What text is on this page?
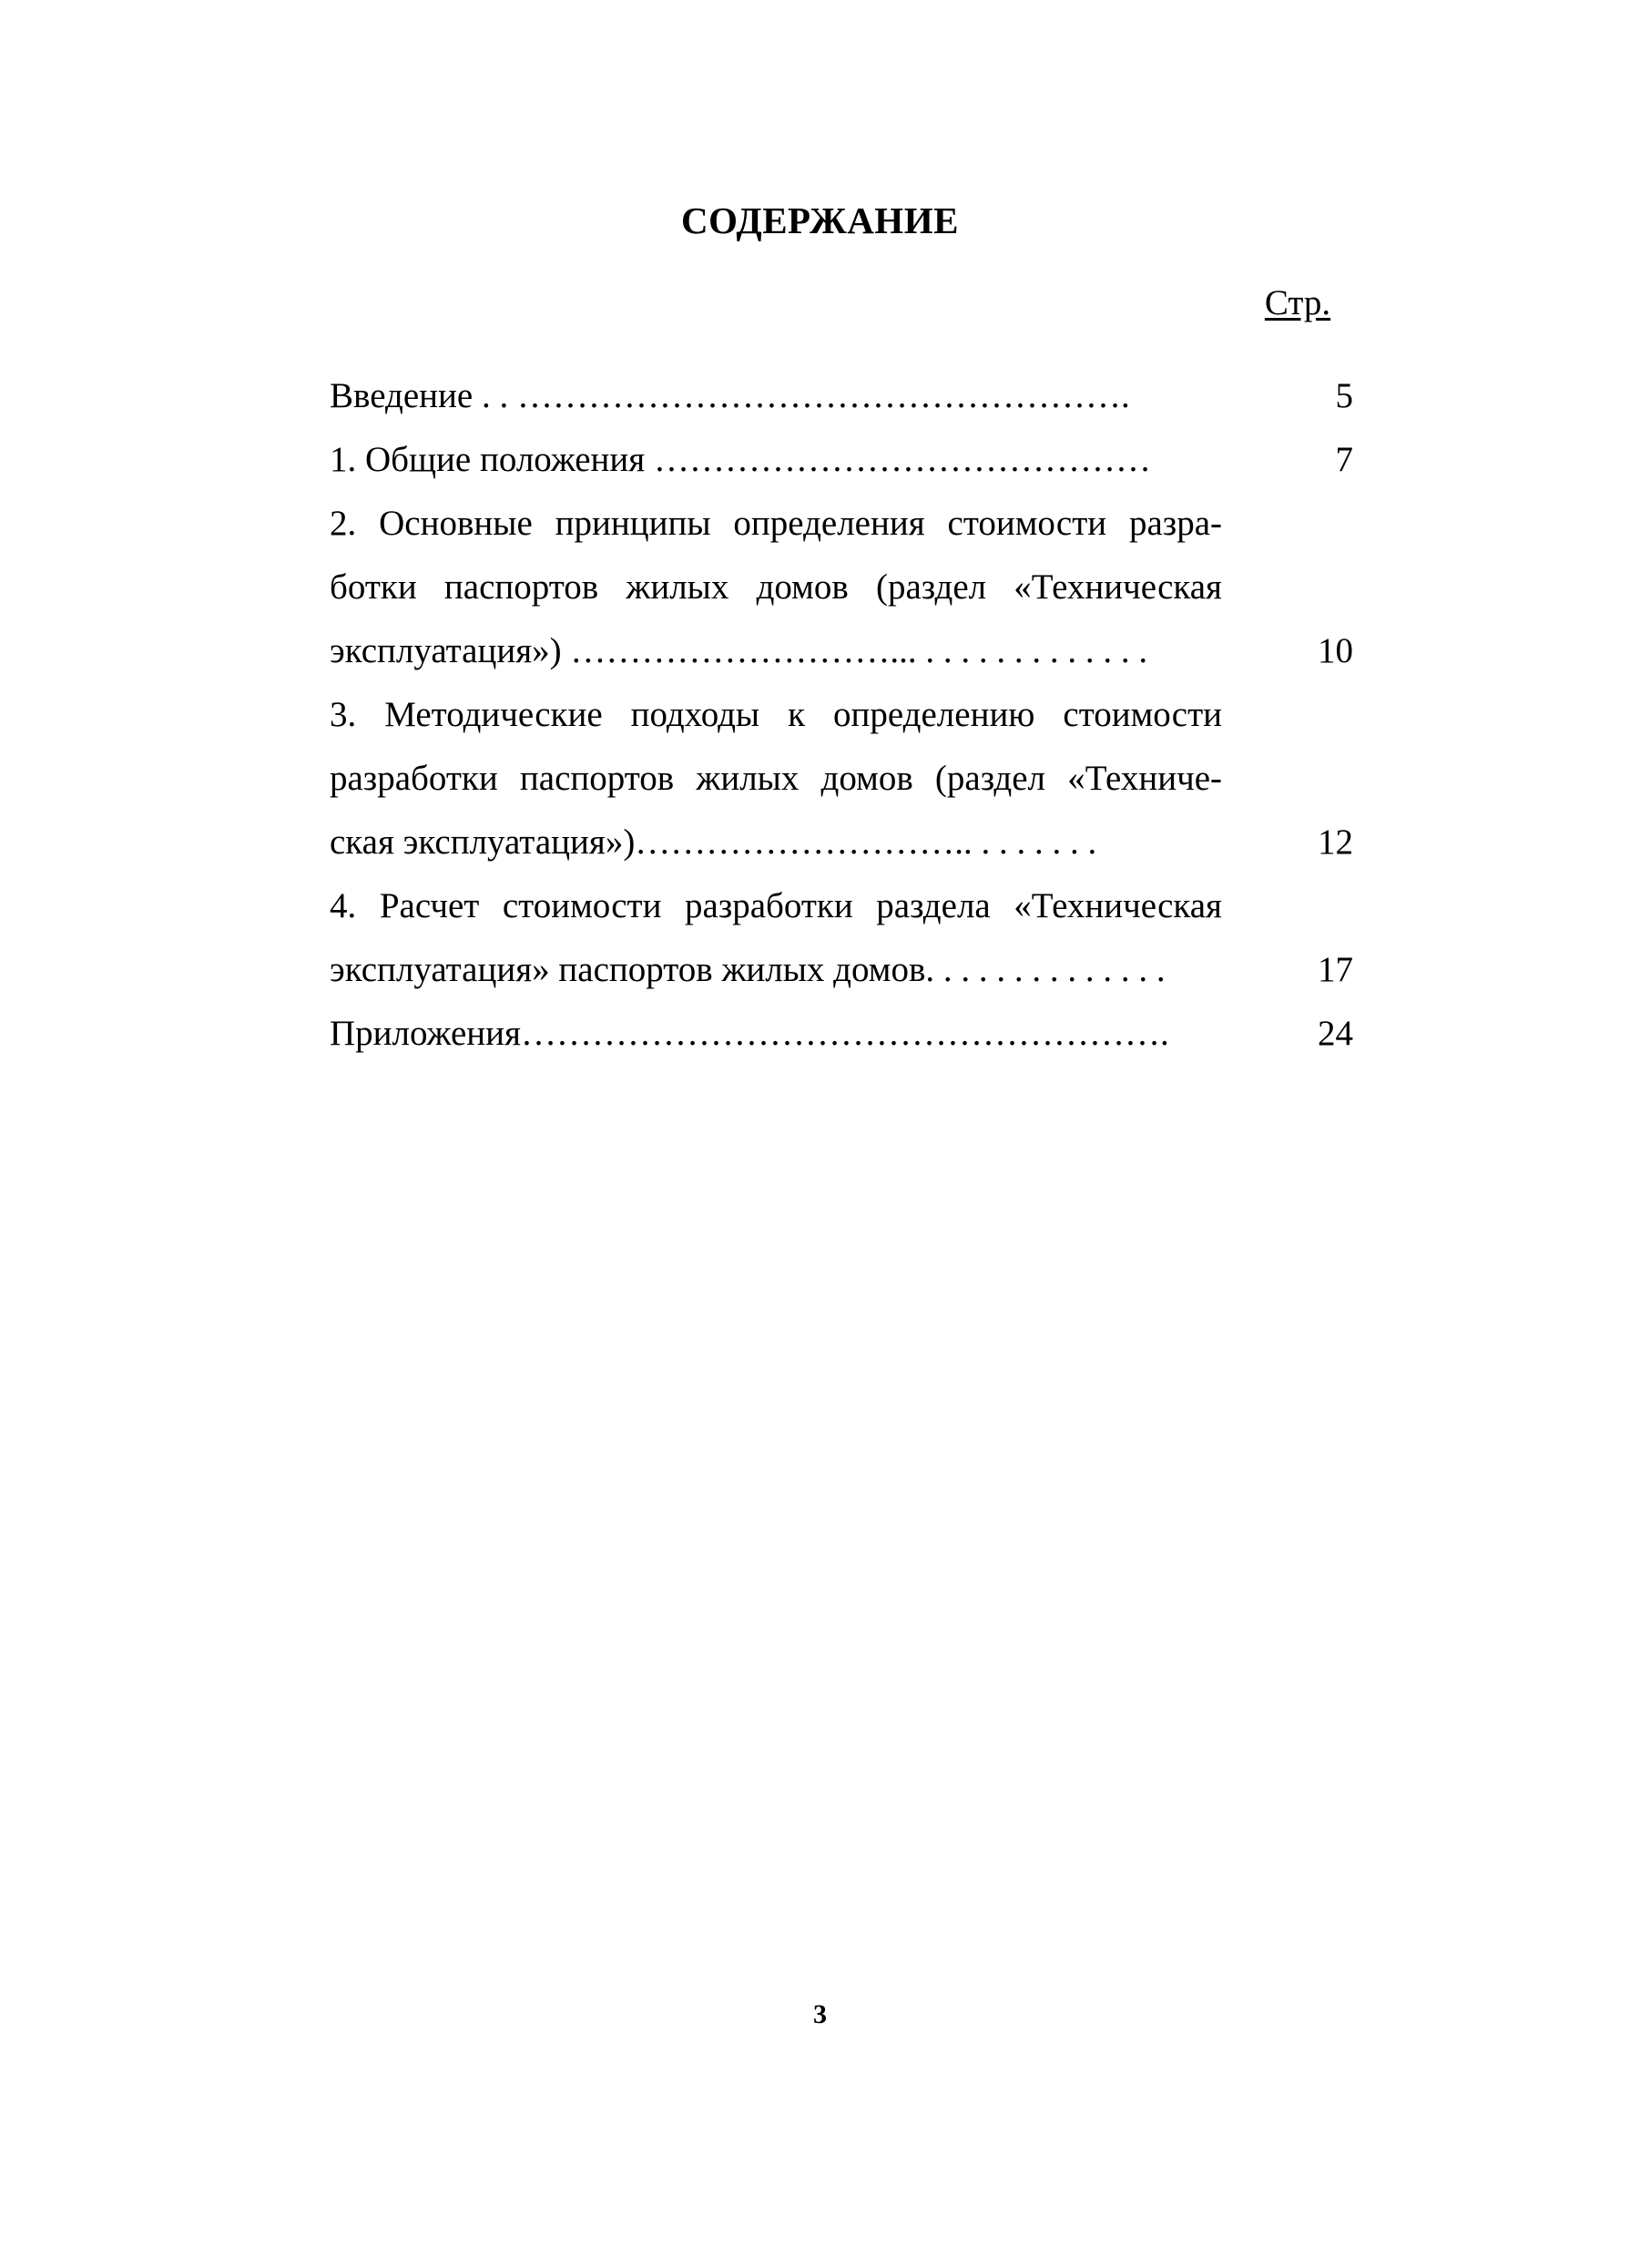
СОДЕРЖАНИЕ
Стр.
Введение . . …………………………………………….	5
1. Общие положения ……………………………………	7
2. Основные принципы определения стоимости разра-
ботки паспортов жилых домов (раздел «Техническая
эксплуатация») ………………………... . . . . . . . . . . . . .	10
3. Методические подходы к определению стоимости
разработки паспортов жилых домов (раздел «Техниче-
ская эксплуатация»)……………………….. . . . . . . .	12
4. Расчет стоимости разработки раздела «Техническая
эксплуатация» паспортов жилых домов. . . . . . . . . . . . . .	17
Приложения……………………………………………….	24
3
